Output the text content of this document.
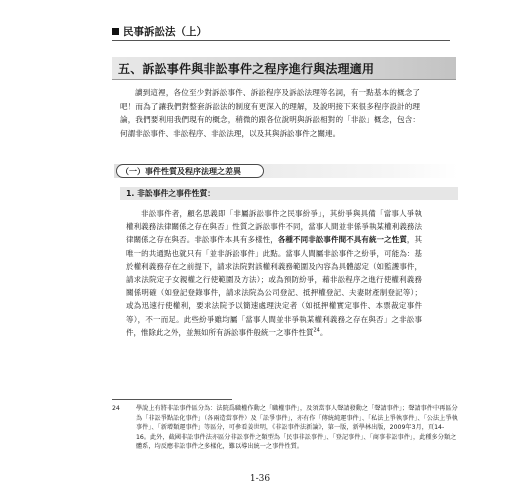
民事訴訟法（上）
五、訴訟事件與非訟事件之程序進行與法理適用

讀到這裡，各位至少對訴訟事件、訴訟程序及訴訟法理等名詞，有一點基本的概念了吧！而為了讓我們對整套訴訟法的制度有更深入的理解，及說明接下來很多程序設計的理論，我們要利用我們現有的概念，稍微的跟各位說明與訴訟相對的「非訟」概念，包含：何謂非訟事件、非訟程序、非訟法理，以及其與訴訟事件之關連。

（一）事件性質及程序法理之差異
1. 非訟事件之事件性質：

非訟事件者，顧名思義即「非屬訴訟事件之民事紛爭」，其紛爭與具備「當事人爭執權利義務法律關係之存在與否」性質之訴訟事件不同，當事人間並非係爭執某權利義務法律關係之存在與否。非訟事件本具有多樣性，各種不同非訟事件間不具有統一之性質，其唯一的共通點也就只有「並非訴訟事件」此點。當事人間屬非訟事件之紛爭，可能為：基於權利義務存在之前提下，請求法院對該權利義務範圍及內容為具體認定（如監護事件，請求法院定子女親權之行使範圍及方法）；或為預防紛爭，藉非訟程序之進行使權利義務關係明確（如登記登錄事件，請求法院為公司登記、抵押權登記、夫妻財產制登記等）；或為迅速行使權利，要求法院予以簡速處理決定者（如抵押權實定事件、本票裁定事件等），不一而足。此些紛爭雖均屬「當事人間並非爭執某權利義務之存在與否」之非訟事件，惟除此之外，並無如所有訴訟事件般統一之事件性質$^{24}$。

24	學說上有將非訟事件區分為：法院爲職權作動之「職權事件」，及須當事人聲請發動之「聲請事件」；聲請事件中再區分為「非訟爭點訟化事件」（各兩造當事件）及「訟爭事件」，亦有作「傳統純運事件」、「私法上爭執事件」、「公法上爭執事件」、「新增類運事件」等區分，可參看姜世明，《非訟事件法新論》，第一版，新學林出版，2009年3月，頁14-16。此外，截國非訟事件法亦區分非訟事件之類型為「民事非訟事件」、「登記事件」、「商事非訟事件」，此種多分類之體系，均反應非訟事件之多樣化，難以導出統一之事件性質。
1-36
